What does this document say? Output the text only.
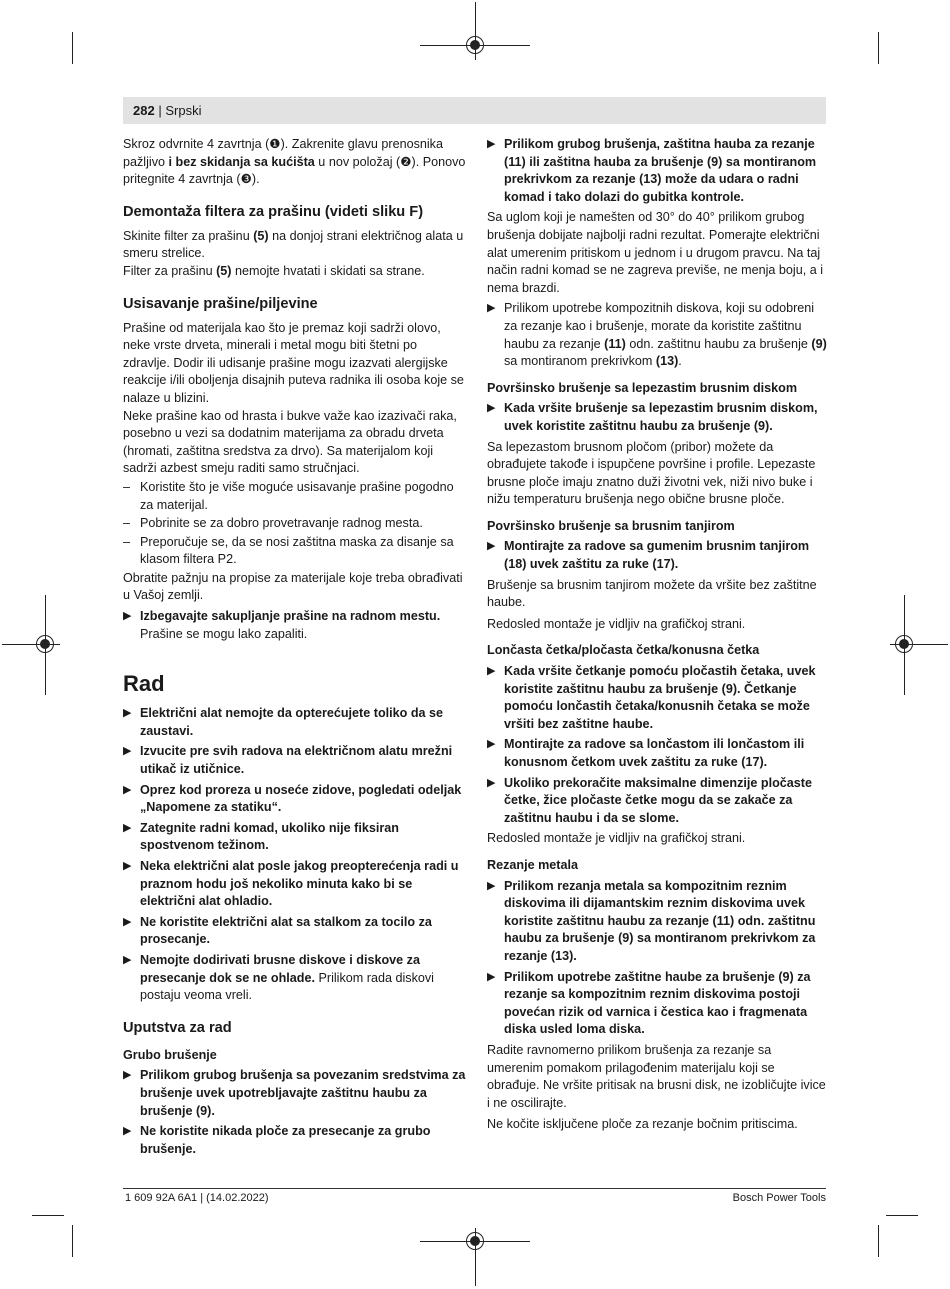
282 | Srpski

Skroz odvrnite 4 zavrtnja (❶). Zakrenite glavu prenosnika pažljivo i bez skidanja sa kućišta u nov položaj (❷). Ponovo pritegnite 4 zavrtnja (❸).

Demontaža filtera za prašinu (videti sliku F)

Skinite filter za prašinu (5) na donjoj strani električnog alata u smeru strelice.

Filter za prašinu (5) nemojte hvatati i skidati sa strane.

Usisavanje prašine/piljevine

Prašine od materijala kao što je premaz koji sadrži olovo, neke vrste drveta, minerali i metal mogu biti štetni po zdravlje. Dodir ili udisanje prašine mogu izazvati alergijske reakcije i/ili oboljenja disajnih puteva radnika ili osoba koje se nalaze u blizini.

Neke prašine kao od hrasta i bukve važe kao izazivači raka, posebno u vezi sa dodatnim materijama za obradu drveta (hromati, zaštitna sredstva za drvo). Sa materijalom koji sadrži azbest smeju raditi samo stručnjaci.

– Koristite što je više moguće usisavanje prašine pogodno za materijal.

– Pobrinite se za dobro provetravanje radnog mesta.

– Preporučuje se, da se nosi zaštitna maska za disanje sa klasom filtera P2.

Obratite pažnju na propise za materijale koje treba obrađivati u Vašoj zemlji.

▶ Izbegavajte sakupljanje prašine na radnom mestu.
Prašine se mogu lako zapaliti.

Rad

▶ Električni alat nemojte da opterećujete toliko da se zaustavi.

▶ Izvucite pre svih radova na električnom alatu mrežni utikač iz utičnice.

▶ Oprez kod proreza u noseće zidove, pogledati odeljak „Napomene za statiku“.

▶ Zategnite radni komad, ukoliko nije fiksiran spostvenom težinom.

▶ Neka električni alat posle jakog preopterećenja radi u praznom hodu još nekoliko minuta kako bi se električni alat ohladio.

▶ Ne koristite električni alat sa stalkom za tocilo za prosecanje.

▶ Nemojte dodirivati brusne diskove i diskove za presecanje dok se ne ohlade. Prilikom rada diskovi postaju veoma vreli.

Uputstva za rad

Grubo brušenje

▶ Prilikom grubog brušenja sa povezanim sredstvima za brušenje uvek upotrebljavajte zaštitnu haubu za brušenje (9).

▶ Ne koristite nikada ploče za presecanje za grubo brušenje.

▶ Prilikom grubog brušenja, zaštitna hauba za rezanje (11) ili zaštitna hauba za brušenje (9) sa montiranom prekrivkom za rezanje (13) može da udara o radni komad i tako dolazi do gubitka kontrole.

Sa uglom koji je namešten od 30° do 40° prilikom grubog brušenja dobijate najbolji radni rezultat. Pomerajte električni alat umerenim pritiskom u jednom i u drugom pravcu. Na taj način radni komad se ne zagreva previše, ne menja boju, a i nema brazdi.

▶ Prilikom upotrebe kompozitnih diskova, koji su odobreni za rezanje kao i brušenje, morate da koristite zaštitnu haubu za rezanje (11) odn. zaštitnu haubu za brušenje (9) sa montiranom prekrivkom (13).

Površinsko brušenje sa lepezastim brusnim diskom

▶ Kada vršite brušenje sa lepezastim brusnim diskom, uvek koristite zaštitnu haubu za brušenje (9).

Sa lepezastom brusnom pločom (pribor) možete da obrađujete takođe i ispupčene površine i profile. Lepezaste brusne ploče imaju znatno duži životni vek, niži nivo buke i nižu temperaturu brušenja nego obične brusne ploče.

Površinsko brušenje sa brusnim tanjirom

▶ Montirajte za radove sa gumenim brusnim tanjirom (18) uvek zaštitu za ruke (17).

Brušenje sa brusnim tanjirom možete da vršite bez zaštitne haube.

Redosled montaže je vidljiv na grafičkoj strani.

Lončasta četka/pločasta četka/konusna četka

▶ Kada vršite četkanje pomoću pločastih četaka, uvek koristite zaštitnu haubu za brušenje (9). Četkanje pomoću lončastih četaka/konusnih četaka se može vršiti bez zaštitne haube.

▶ Montirajte za radove sa lončastom ili lončastom ili konusnom četkom uvek zaštitu za ruke (17).

▶ Ukoliko prekoračite maksimalne dimenzije pločaste četke, žice pločaste četke mogu da se zakače za zaštitnu haubu i da se slome.

Redosled montaže je vidljiv na grafičkoj strani.

Rezanje metala

▶ Prilikom rezanja metala sa kompozitnim reznim diskovima ili dijamantskim reznim diskovima uvek koristite zaštitnu haubu za rezanje (11) odn. zaštitnu haubu za brušenje (9) sa montiranom prekrivkom za rezanje (13).

▶ Prilikom upotrebe zaštitne haube za brušenje (9) za rezanje sa kompozitnim reznim diskovima postoji povećan rizik od varnica i čestica kao i fragmenata diska usled loma diska.

Radite ravnomerno prilikom brušenja za rezanje sa umerenim pomakom prilagođenim materijalu koji se obrađuje. Ne vršite pritisak na brusni disk, ne izobličujte ivice i ne oscilirajte.

Ne kočite isključene ploče za rezanje bočnim pritiscima.

1 609 92A 6A1 | (14.02.2022)	Bosch Power Tools
